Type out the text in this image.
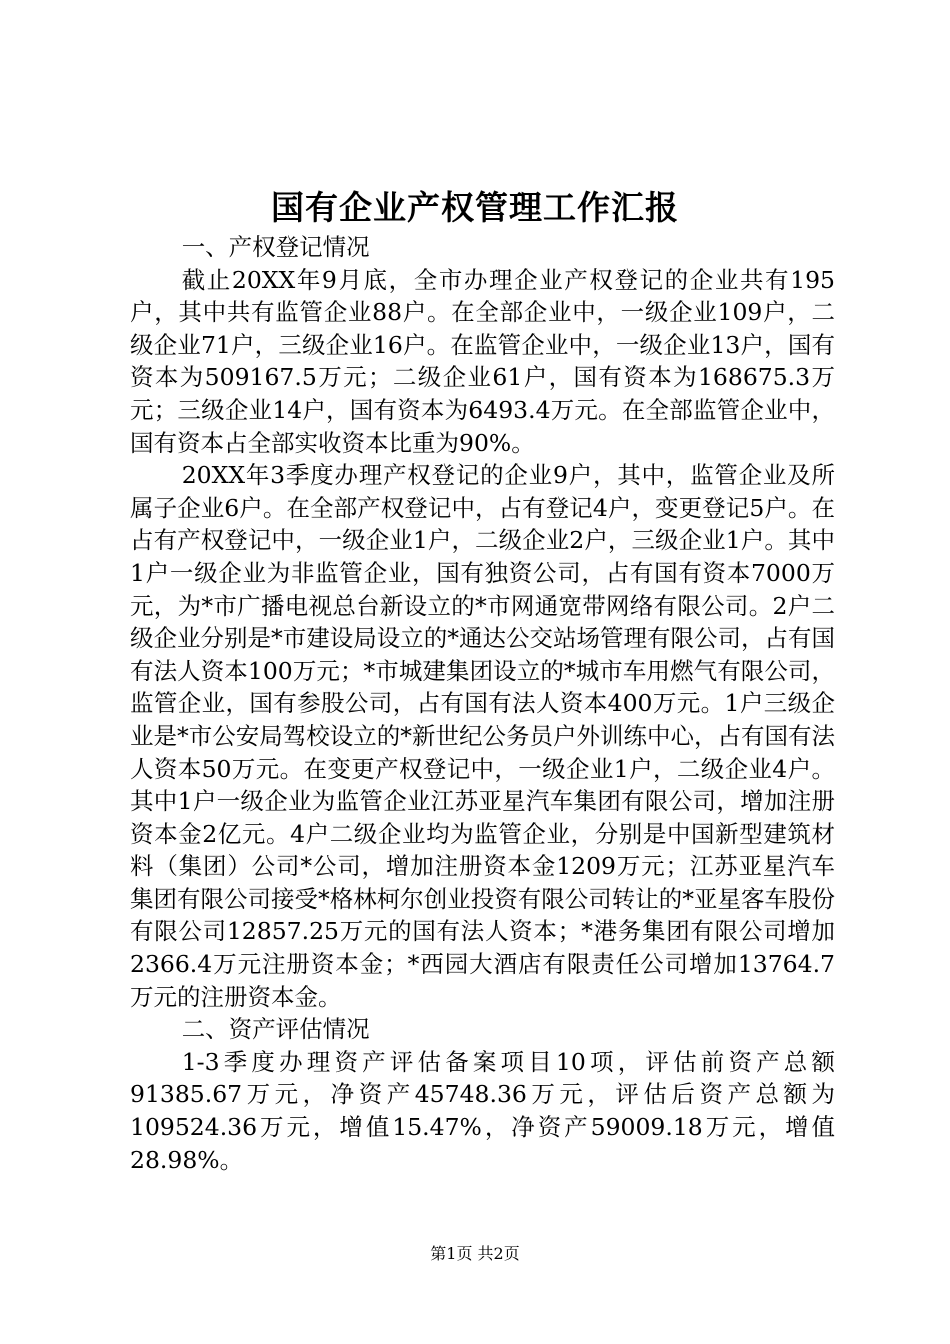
国有企业产权管理工作汇报

一、产权登记情况

截止20XX年9月底，全市办理企业产权登记的企业共有195户，其中共有监管企业88户。在全部企业中，一级企业109户，二级企业71户，三级企业16户。在监管企业中，一级企业13户，国有资本为509167.5万元；二级企业61户，国有资本为168675.3万元；三级企业14户，国有资本为6493.4万元。在全部监管企业中，国有资本占全部实收资本比重为90%。

20XX年3季度办理产权登记的企业9户，其中，监管企业及所属子企业6户。在全部产权登记中，占有登记4户，变更登记5户。在占有产权登记中，一级企业1户，二级企业2户，三级企业1户。其中1户一级企业为非监管企业，国有独资公司，占有国有资本7000万元，为*市广播电视总台新设立的*市网通宽带网络有限公司。2户二级企业分别是*市建设局设立的*通达公交站场管理有限公司，占有国有法人资本100万元；*市城建集团设立的*城市车用燃气有限公司，监管企业，国有参股公司，占有国有法人资本400万元。1户三级企业是*市公安局驾校设立的*新世纪公务员户外训练中心，占有国有法人资本50万元。在变更产权登记中，一级企业1户，二级企业4户。其中1户一级企业为监管企业江苏亚星汽车集团有限公司，增加注册资本金2亿元。4户二级企业均为监管企业，分别是中国新型建筑材料（集团）公司*公司，增加注册资本金1209万元；江苏亚星汽车集团有限公司接受*格林柯尔创业投资有限公司转让的*亚星客车股份有限公司12857.25万元的国有法人资本；*港务集团有限公司增加2366.4万元注册资本金；*西园大酒店有限责任公司增加13764.7万元的注册资本金。

二、资产评估情况

1-3季度办理资产评估备案项目10项，评估前资产总额91385.67万元，净资产45748.36万元，评估后资产总额为109524.36万元，增值15.47%，净资产59009.18万元，增值28.98%。

第1页 共2页
